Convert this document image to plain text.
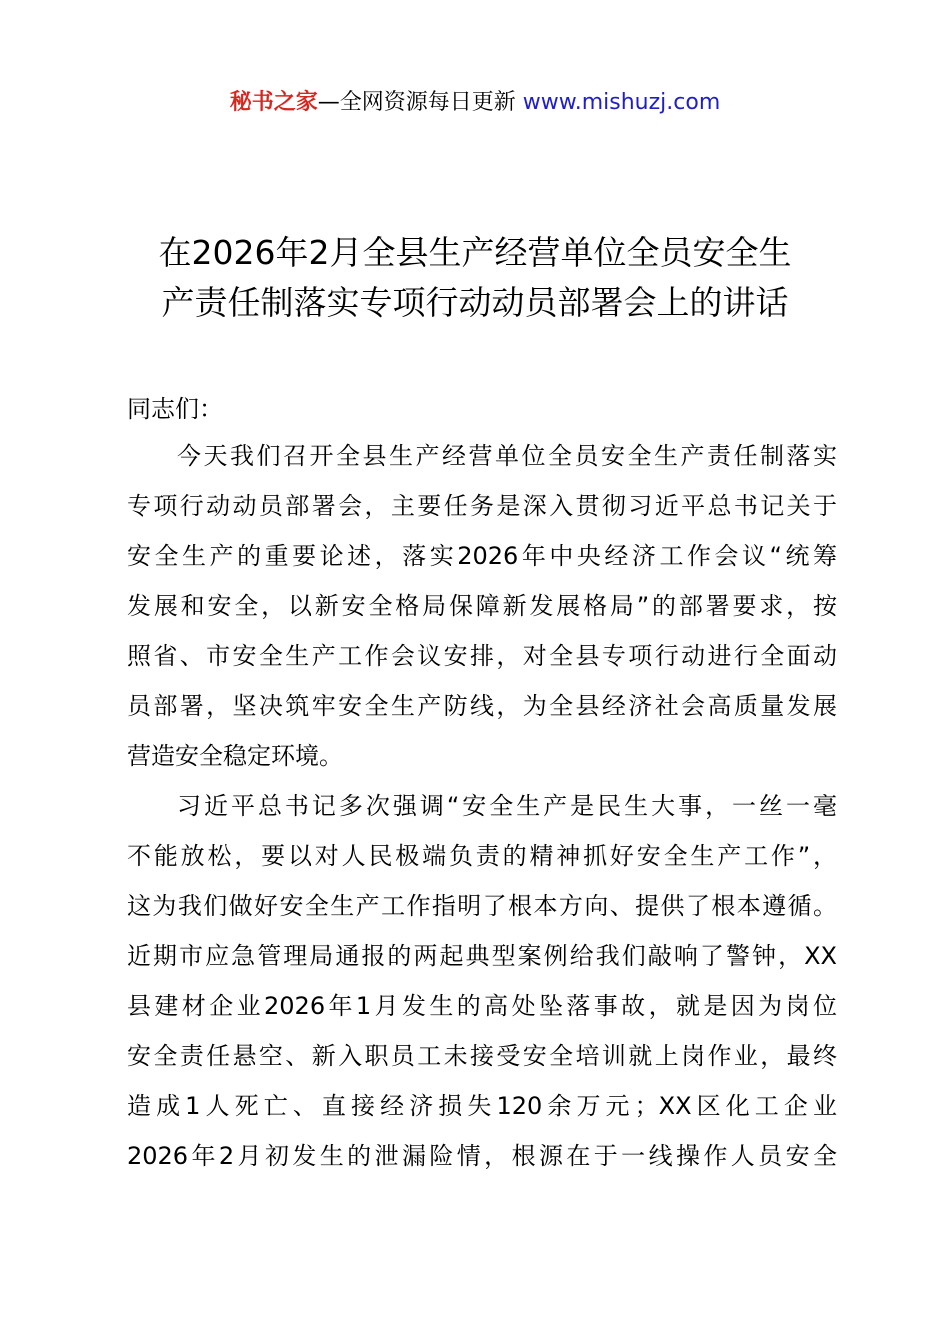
秘书之家—全网资源每日更新 www.mishuzj.com
在2026年2月全县生产经营单位全员安全生
产责任制落实专项行动动员部署会上的讲话

同志们：

今天我们召开全县生产经营单位全员安全生产责任制落实
专项行动动员部署会，主要任务是深入贯彻习近平总书记关于
安全生产的重要论述，落实2026年中央经济工作会议“统筹
发展和安全，以新安全格局保障新发展格局”的部署要求，按
照省、市安全生产工作会议安排，对全县专项行动进行全面动
员部署，坚决筑牢安全生产防线，为全县经济社会高质量发展
营造安全稳定环境。
习近平总书记多次强调“安全生产是民生大事，一丝一毫
不能放松，要以对人民极端负责的精神抓好安全生产工作”，
这为我们做好安全生产工作指明了根本方向、提供了根本遵循。
近期市应急管理局通报的两起典型案例给我们敲响了警钟，XX
县建材企业2026年1月发生的高处坠落事故，就是因为岗位
安全责任悬空、新入职员工未接受安全培训就上岗作业，最终
造成1人死亡、直接经济损失120余万元；XX区化工企业
2026年2月初发生的泄漏险情，根源在于一线操作人员安全
